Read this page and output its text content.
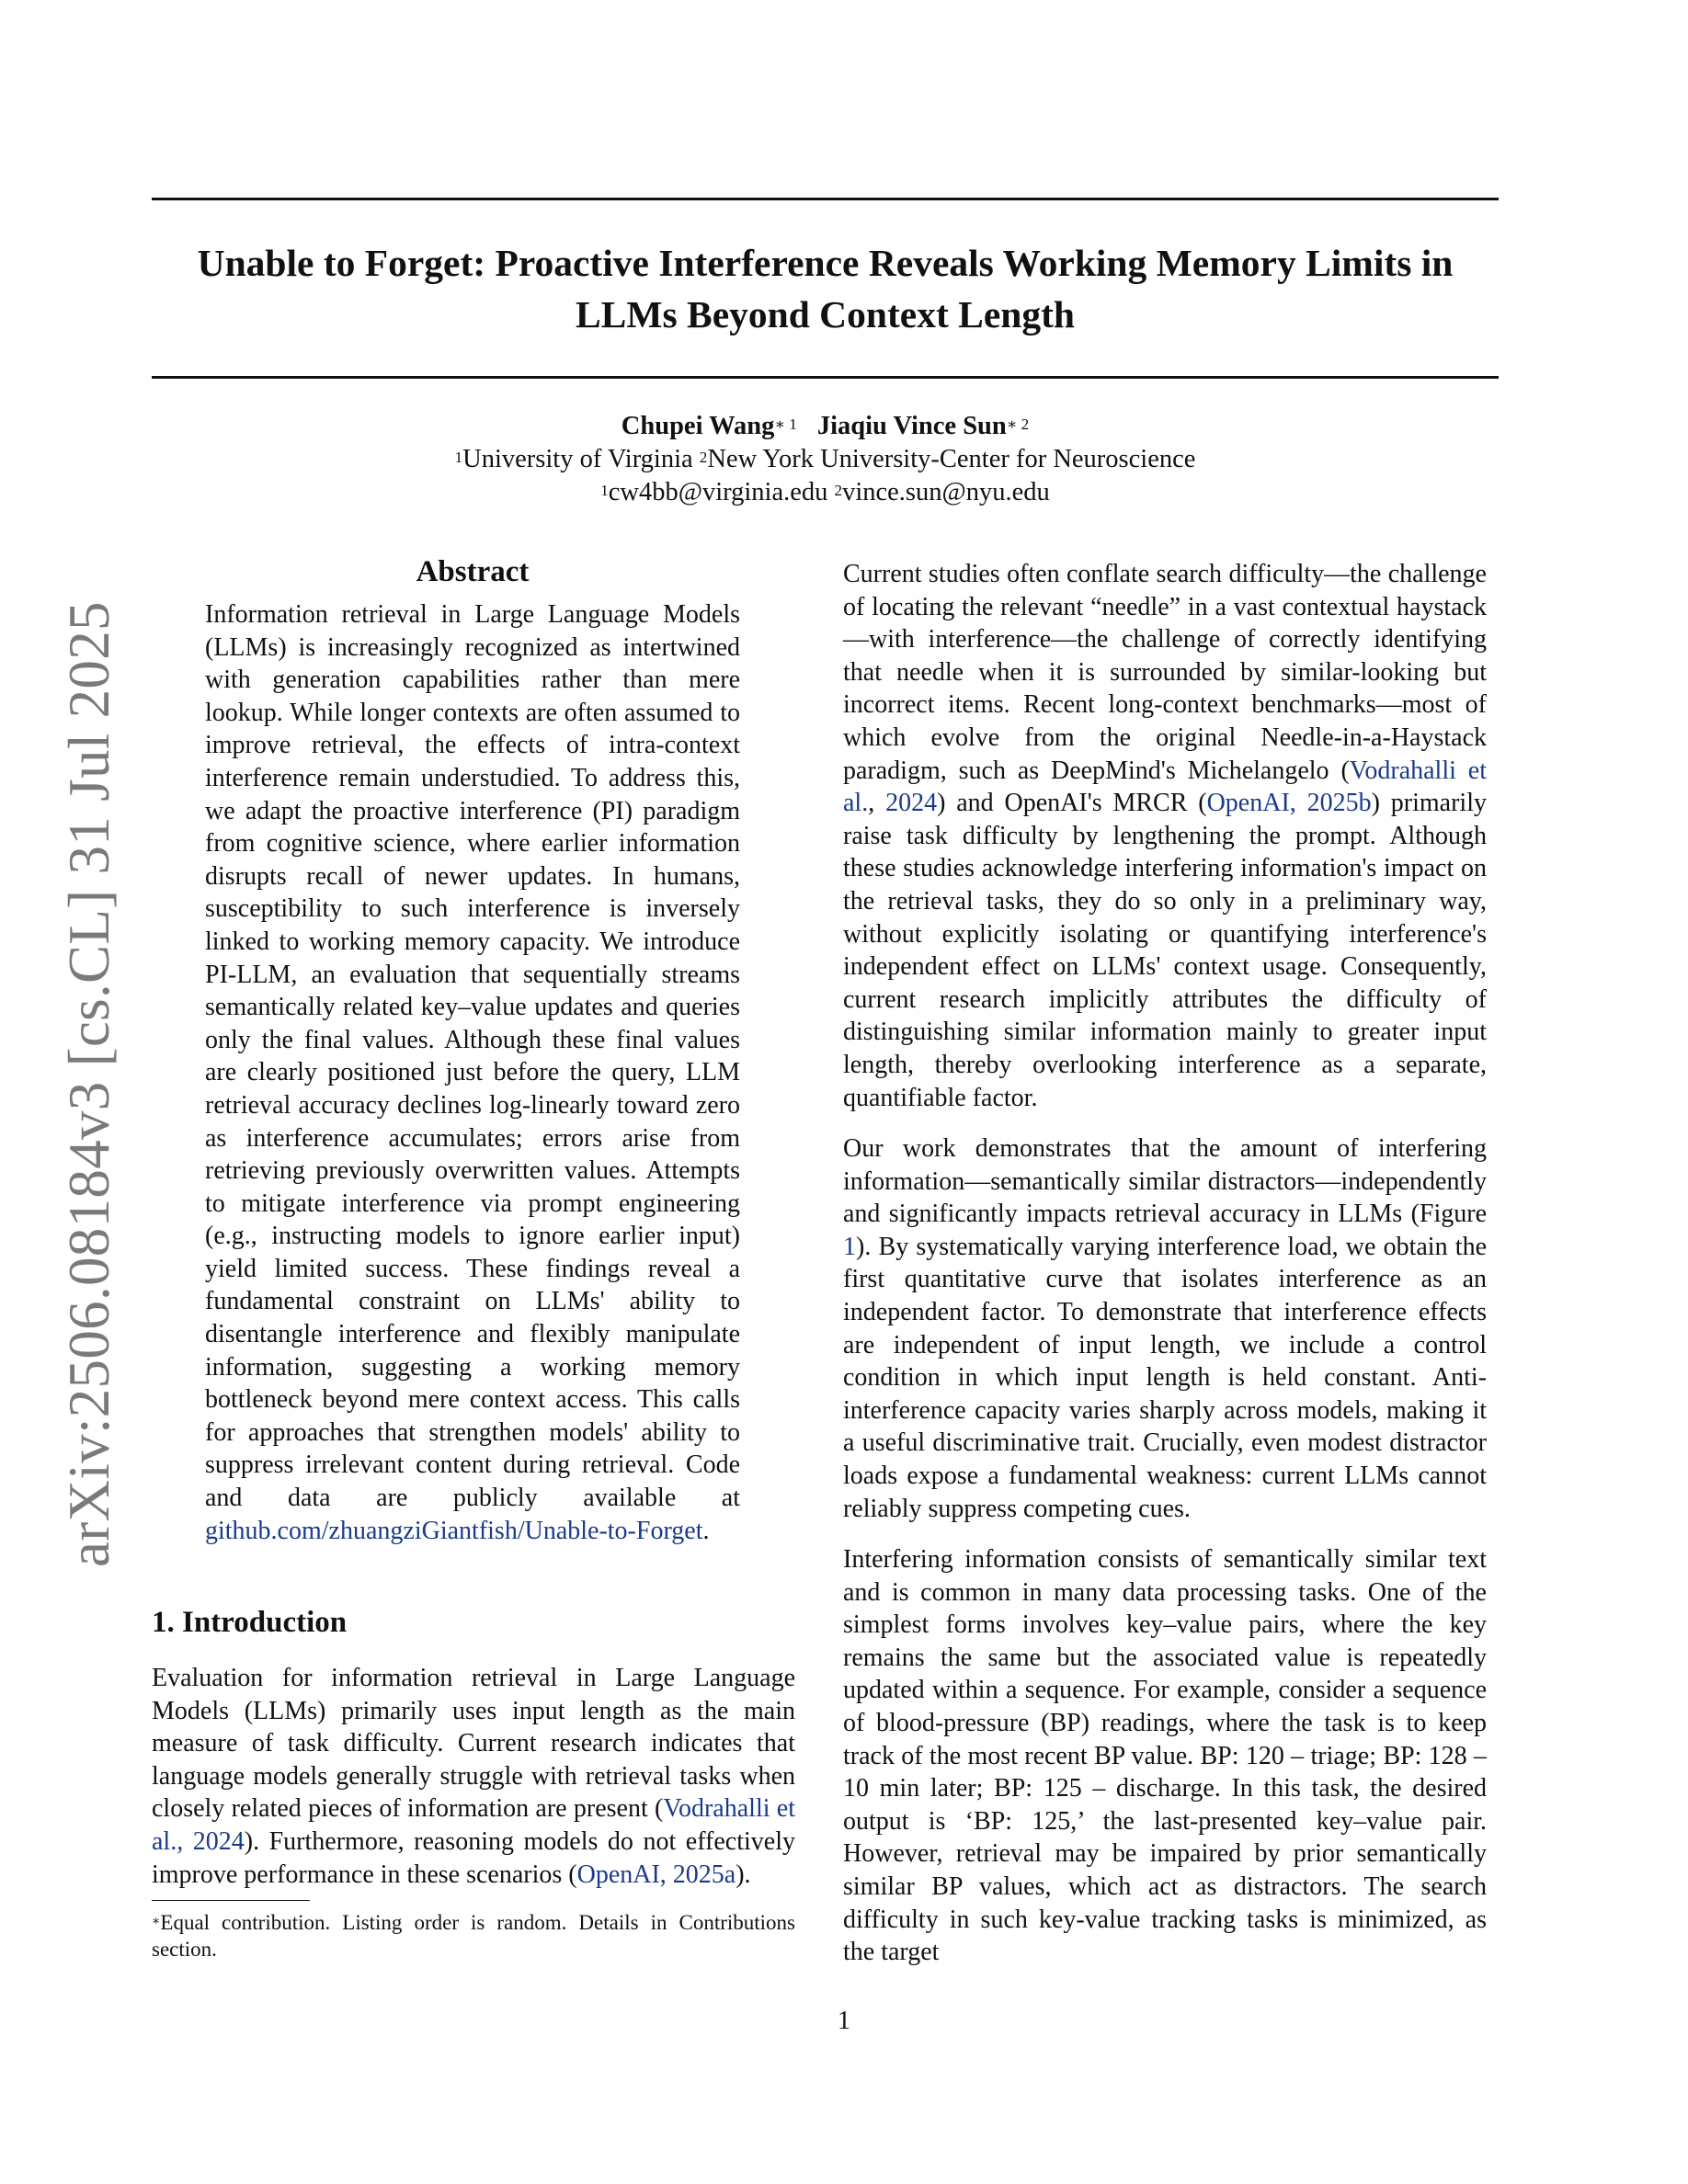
arXiv:2506.08184v3 [cs.CL] 31 Jul 2025
Unable to Forget: Proactive Interference Reveals Working Memory Limits in LLMs Beyond Context Length
Chupei Wang$^{∗ 1}$ Jiaqiu Vince Sun$^{∗ 2}$
$^1$University of Virginia $^2$New York University-Center for Neuroscience
$^1$cw4bb@virginia.edu $^2$vince.sun@nyu.edu
Abstract

Information retrieval in Large Language Models (LLMs) is increasingly recognized as intertwined with generation capabilities rather than mere lookup. While longer contexts are often assumed to improve retrieval, the effects of intra-context interference remain understudied. To address this, we adapt the proactive interference (PI) paradigm from cognitive science, where earlier information disrupts recall of newer updates. In humans, susceptibility to such interference is inversely linked to working memory capacity. We introduce PI-LLM, an evaluation that sequentially streams semantically related key–value updates and queries only the final values. Although these final values are clearly positioned just before the query, LLM retrieval accuracy declines log-linearly toward zero as interference accumulates; errors arise from retrieving previously overwritten values. Attempts to mitigate interference via prompt engineering (e.g., instructing models to ignore earlier input) yield limited success. These findings reveal a fundamental constraint on LLMs' ability to disentangle interference and flexibly manipulate information, suggesting a working memory bottleneck beyond mere context access. This calls for approaches that strengthen models' ability to suppress irrelevant content during retrieval. Code and data are publicly available at github.com/zhuangziGiantfish/Unable-to-Forget.

1. Introduction

Evaluation for information retrieval in Large Language Models (LLMs) primarily uses input length as the main measure of task difficulty. Current research indicates that language models generally struggle with retrieval tasks when closely related pieces of information are present (Vodrahalli et al., 2024). Furthermore, reasoning models do not effectively improve performance in these scenarios (OpenAI, 2025a).

Current studies often conflate search difficulty—the challenge of locating the relevant “needle” in a vast contextual haystack—with interference—the challenge of correctly identifying that needle when it is surrounded by similar-looking but incorrect items. Recent long-context benchmarks—most of which evolve from the original Needle-in-a-Haystack paradigm, such as DeepMind's Michelangelo (Vodrahalli et al., 2024) and OpenAI's MRCR (OpenAI, 2025b) primarily raise task difficulty by lengthening the prompt. Although these studies acknowledge interfering information's impact on the retrieval tasks, they do so only in a preliminary way, without explicitly isolating or quantifying interference's independent effect on LLMs' context usage. Consequently, current research implicitly attributes the difficulty of distinguishing similar information mainly to greater input length, thereby overlooking interference as a separate, quantifiable factor.

Our work demonstrates that the amount of interfering information—semantically similar distractors—independently and significantly impacts retrieval accuracy in LLMs (Figure 1). By systematically varying interference load, we obtain the first quantitative curve that isolates interference as an independent factor. To demonstrate that interference effects are independent of input length, we include a control condition in which input length is held constant. Anti-interference capacity varies sharply across models, making it a useful discriminative trait. Crucially, even modest distractor loads expose a fundamental weakness: current LLMs cannot reliably suppress competing cues.

Interfering information consists of semantically similar text and is common in many data processing tasks. One of the simplest forms involves key–value pairs, where the key remains the same but the associated value is repeatedly updated within a sequence. For example, consider a sequence of blood-pressure (BP) readings, where the task is to keep track of the most recent BP value. BP: 120 – triage; BP: 128 – 10 min later; BP: 125 – discharge. In this task, the desired output is ‘BP: 125,’ the last-presented key–value pair. However, retrieval may be impaired by prior semantically similar BP values, which act as distractors. The search difficulty in such key-value tracking tasks is minimized, as the target

∗Equal contribution. Listing order is random. Details in Contributions section.

1
